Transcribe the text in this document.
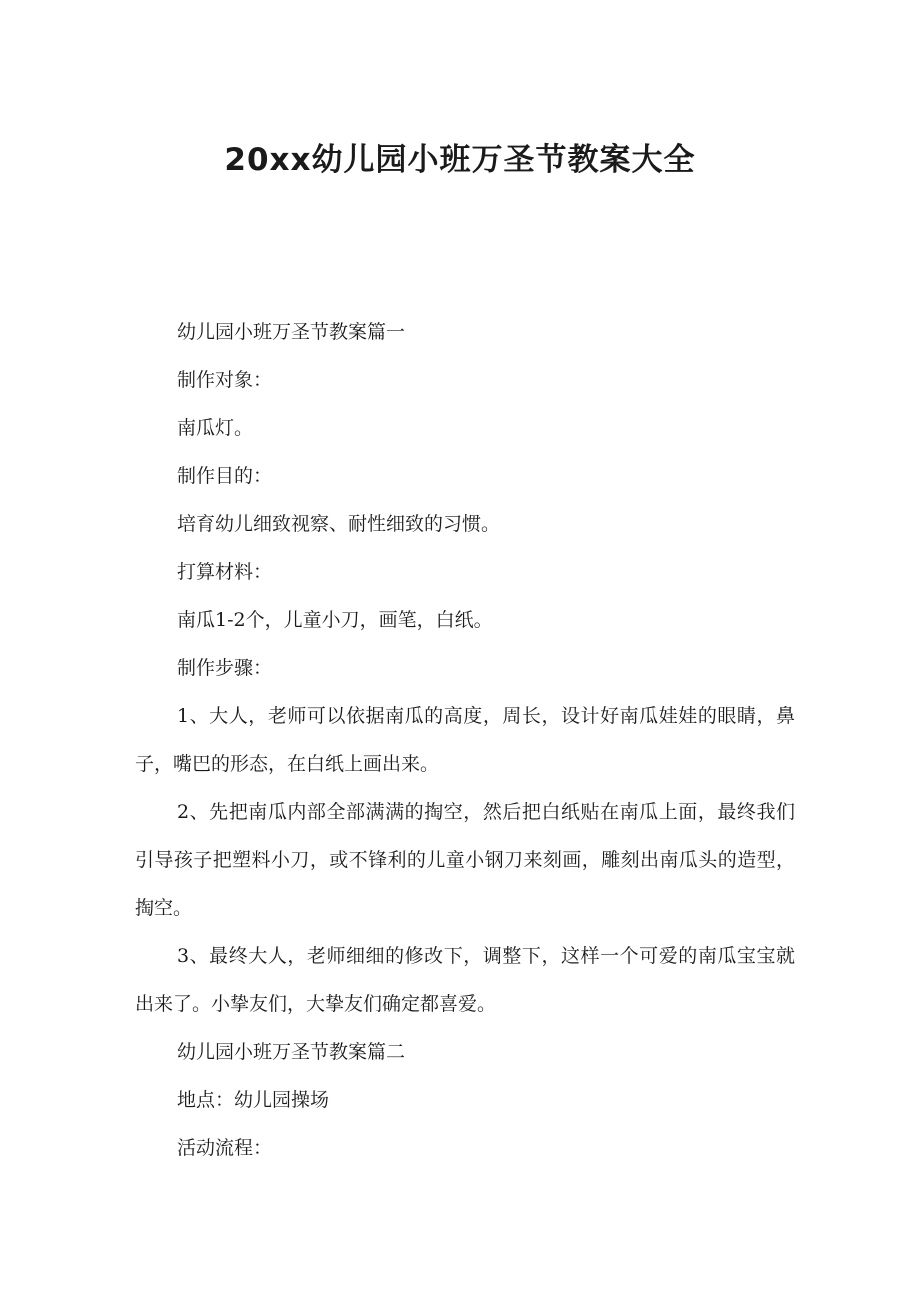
20xx幼儿园小班万圣节教案大全

幼儿园小班万圣节教案篇一

制作对象：

南瓜灯。

制作目的：

培育幼儿细致视察、耐性细致的习惯。

打算材料：

南瓜1-2个，儿童小刀，画笔，白纸。

制作步骤：

1、大人，老师可以依据南瓜的高度，周长，设计好南瓜娃娃的眼睛，鼻子，嘴巴的形态，在白纸上画出来。

2、先把南瓜内部全部满满的掏空，然后把白纸贴在南瓜上面，最终我们引导孩子把塑料小刀，或不锋利的儿童小钢刀来刻画，雕刻出南瓜头的造型，掏空。

3、最终大人，老师细细的修改下，调整下，这样一个可爱的南瓜宝宝就出来了。小挚友们，大挚友们确定都喜爱。

幼儿园小班万圣节教案篇二

地点：幼儿园操场

活动流程：
